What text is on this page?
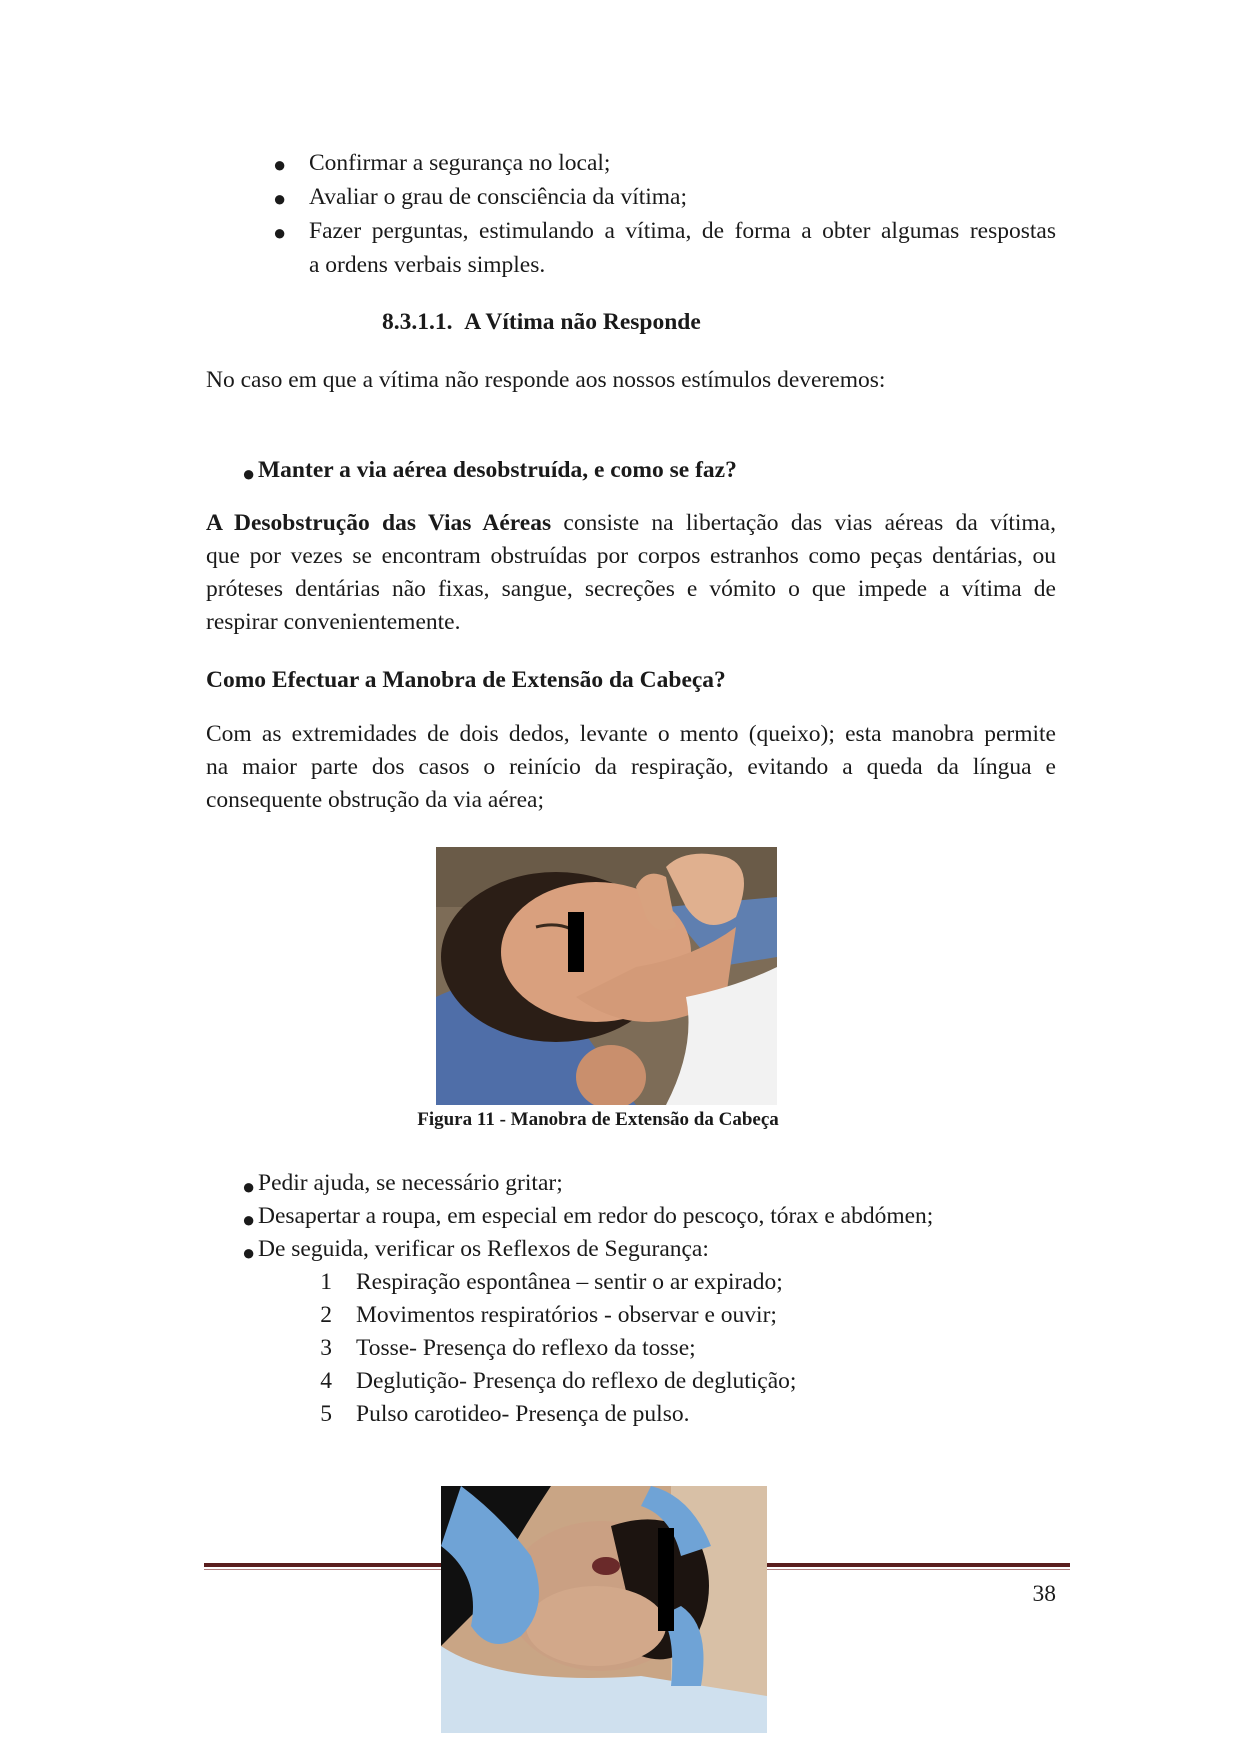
● Confirmar a segurança no local;
● Avaliar o grau de consciência da vítima;
● Fazer perguntas, estimulando a vítima, de forma a obter algumas respostas
a ordens verbais simples.
8.3.1.1. A Vítima não Responde
No caso em que a vítima não responde aos nossos estímulos deveremos:
● Manter a via aérea desobstruída, e como se faz?
A Desobstrução das Vias Aéreas consiste na libertação das vias aéreas da vítima,
que por vezes se encontram obstruídas por corpos estranhos como peças dentárias, ou
próteses dentárias não fixas, sangue, secreções e vómito o que impede a vítima de
respirar convenientemente.
Como Efectuar a Manobra de Extensão da Cabeça?
Com as extremidades de dois dedos, levante o mento (queixo); esta manobra permite
na maior parte dos casos o reinício da respiração, evitando a queda da língua e
consequente obstrução da via aérea;
Figura 11 - Manobra de Extensão da Cabeça
● Pedir ajuda, se necessário gritar;
● Desapertar a roupa, em especial em redor do pescoço, tórax e abdómen;
● De seguida, verificar os Reflexos de Segurança:
1 Respiração espontânea – sentir o ar expirado;
2 Movimentos respiratórios - observar e ouvir;
3 Tosse- Presença do reflexo da tosse;
4 Deglutição- Presença do reflexo de deglutição;
5 Pulso carotideo- Presença de pulso.
38
